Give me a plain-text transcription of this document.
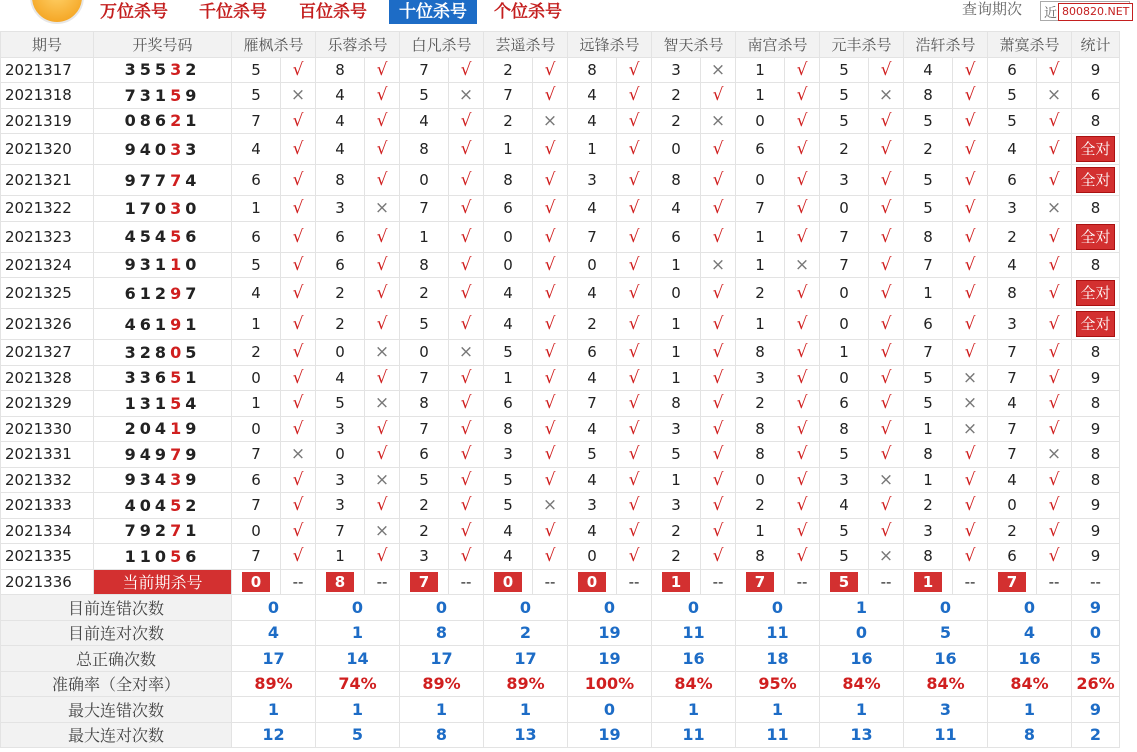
万位杀号 千位杀号 百位杀号	十位杀号	个位杀号	查询期次	近 800820.NET
期号	开奖号码	雁枫杀号		乐蓉杀号		白凡杀号		芸遥杀号		远锋杀号		智天杀号		南宫杀号		元丰杀号		浩轩杀号		萧寞杀号		统计
2021317	35532	5	√	8	√	7	√	2	√	8	√	3	×	1	√	5	√	4	√	6	√	9
2021318	73159	5	×	4	√	5	×	7	√	4	√	2	√	1	√	5	×	8	√	5	×	6
2021319	08621	7	√	4	√	4	√	2	×	4	√	2	×	0	√	5	√	5	√	5	√	8
2021320	94033	4	√	4	√	8	√	1	√	1	√	0	√	6	√	2	√	2	√	4	√	全对
2021321	97774	6	√	8	√	0	√	8	√	3	√	8	√	0	√	3	√	5	√	6	√	全对
2021322	17030	1	√	3	×	7	√	6	√	4	√	4	√	7	√	0	√	5	√	3	×	8
2021323	45456	6	√	6	√	1	√	0	√	7	√	6	√	1	√	7	√	8	√	2	√	全对
2021324	93110	5	√	6	√	8	√	0	√	0	√	1	×	1	×	7	√	7	√	4	√	8
2021325	61297	4	√	2	√	2	√	4	√	4	√	0	√	2	√	0	√	1	√	8	√	全对
2021326	46191	1	√	2	√	5	√	4	√	2	√	1	√	1	√	0	√	6	√	3	√	全对
2021327	32805	2	√	0	×	0	×	5	√	6	√	1	√	8	√	1	√	7	√	7	√	8
2021328	33651	0	√	4	√	7	√	1	√	4	√	1	√	3	√	0	√	5	×	7	√	9
2021329	13154	1	√	5	×	8	√	6	√	7	√	8	√	2	√	6	√	5	×	4	√	8
2021330	20419	0	√	3	√	7	√	8	√	4	√	3	√	8	√	8	√	1	×	7	√	9
2021331	94979	7	×	0	√	6	√	3	√	5	√	5	√	8	√	5	√	8	√	7	×	8
2021332	93439	6	√	3	×	5	√	5	√	4	√	1	√	0	√	3	×	1	√	4	√	8
2021333	40452	7	√	3	√	2	√	5	×	3	√	3	√	2	√	4	√	2	√	0	√	9
2021334	79271	0	√	7	×	2	√	4	√	4	√	2	√	1	√	5	√	3	√	2	√	9
2021335	11056	7	√	1	√	3	√	4	√	0	√	2	√	8	√	5	×	8	√	6	√	9
2021336	当前期杀号	0	--	8	--	7	--	0	--	0	--	1	--	7	--	5	--	1	--	7	--	--
目前连错次数		0		0		0		0		0		0		0		1		0		0		9
目前连对次数		4		1		8		2		19		11		11		0		5		4		0
总正确次数		17		14		17		17		19		16		18		16		16		16		5
准确率（全对率）		89%		74%		89%		89%		100%		84%		95%		84%		84%		84%		26%
最大连错次数		1		1		1		1		0		1		1		1		3		1		9
最大连对次数		12		5		8		13		19		11		11		13		11		8		2
